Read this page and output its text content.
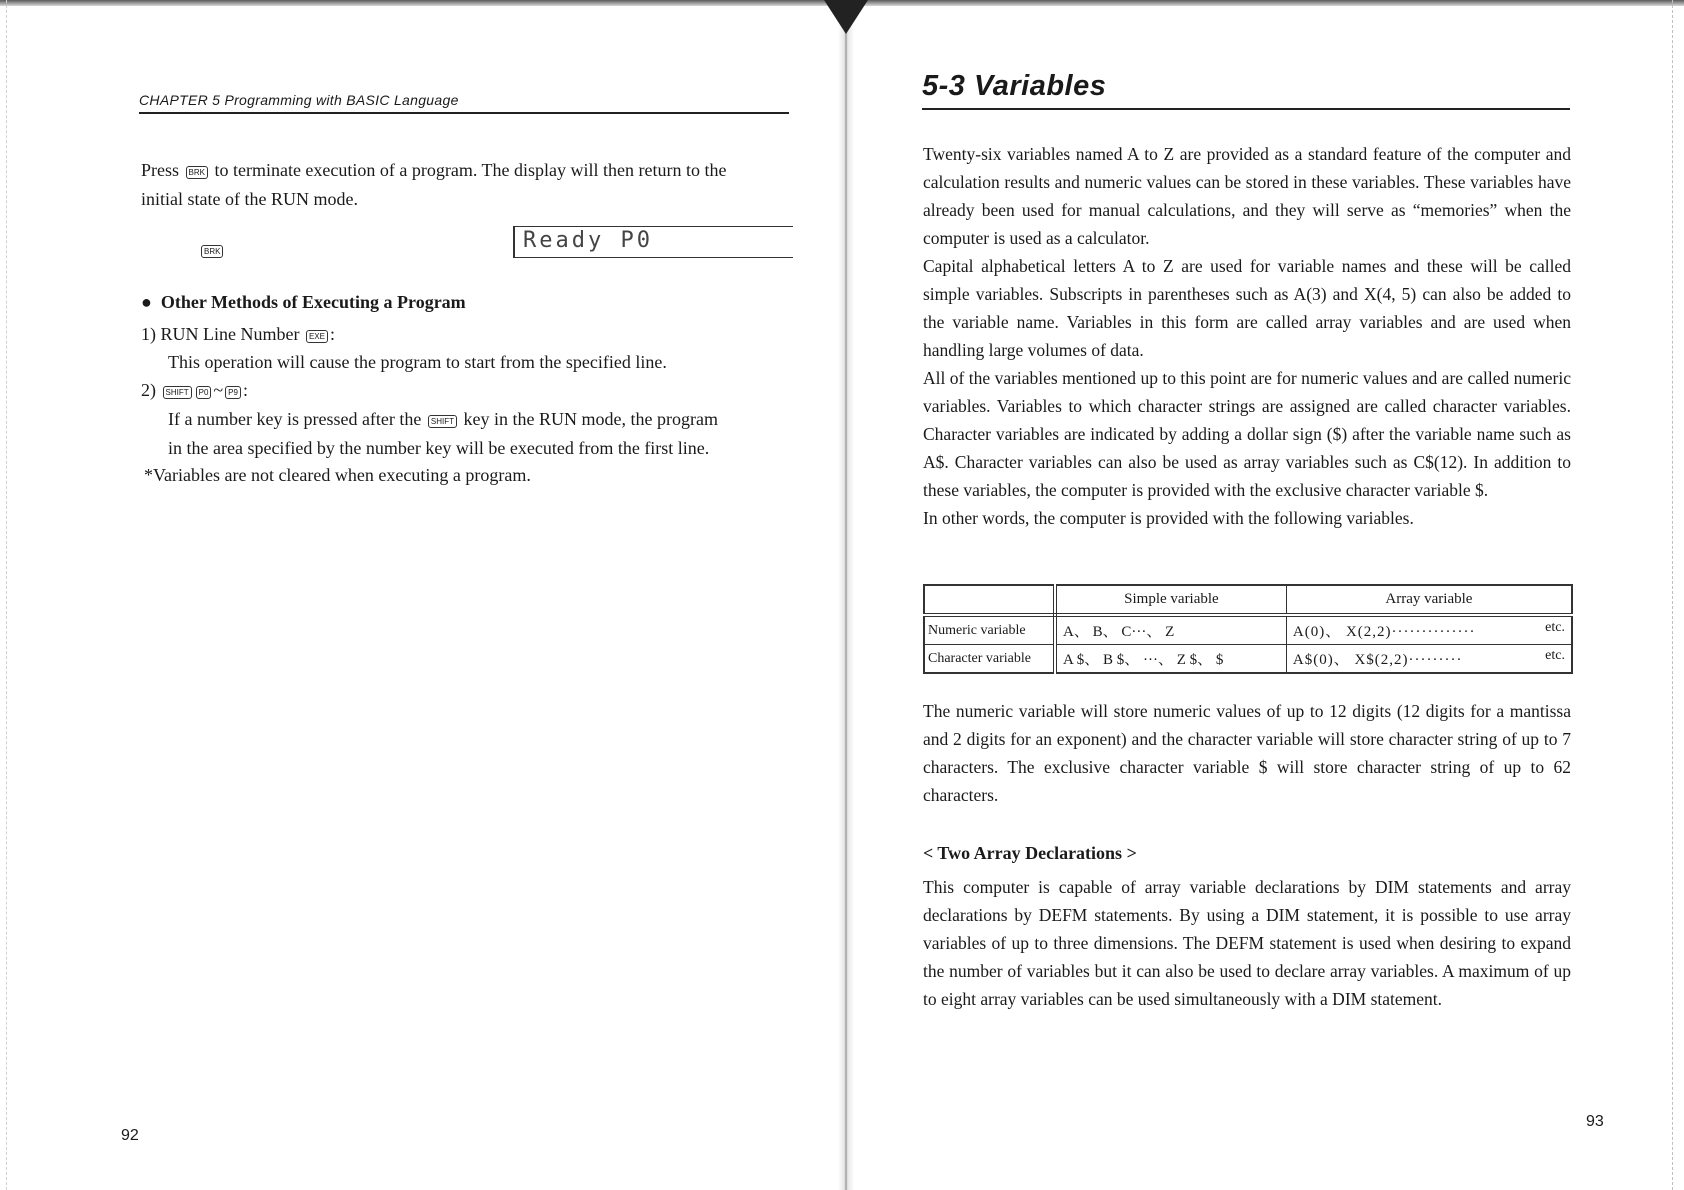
CHAPTER 5 Programming with BASIC Language
Press BRK to terminate execution of a program. The display will then return to the
initial state of the RUN mode.
BRK	Ready P0
● Other Methods of Executing a Program
1) RUN Line Number EXE :
This operation will cause the program to start from the specified line.
2) SHIFT P0 ~ P9 :
If a number key is pressed after the SHIFT key in the RUN mode, the program
in the area specified by the number key will be executed from the first line.
*Variables are not cleared when executing a program.
92
5-3 Variables

Twenty-six variables named A to Z are provided as a standard feature of the computer and calculation results and numeric values can be stored in these variables. These variables have already been used for manual calculations, and they will serve as “memories” when the computer is used as a calculator.

Capital alphabetical letters A to Z are used for variable names and these will be called simple variables. Subscripts in parentheses such as A(3) and X(4, 5) can also be added to the variable name. Variables in this form are called array variables and are used when handling large volumes of data.

All of the variables mentioned up to this point are for numeric values and are called numeric variables. Variables to which character strings are assigned are called character variables. Character variables are indicated by adding a dollar sign ($) after the variable name such as A$. Character variables can also be used as array variables such as C$(12). In addition to these variables, the computer is provided with the exclusive character variable $.

In other words, the computer is provided with the following variables.

	Simple variable	Array variable
Numeric variable	A、 B、 C···、 Z	A(0)、 X(2,2)·············· etc.

Character variable	A $、 B $、 ···、 Z $、 $	A$(0)、 X$(2,2)········· etc.
The numeric variable will store numeric values of up to 12 digits (12 digits for a mantissa and 2 digits for an exponent) and the character variable will store character string of up to 7 characters. The exclusive character variable $ will store character string of up to 62 characters.
< Two Array Declarations >
This computer is capable of array variable declarations by DIM statements and array declarations by DEFM statements. By using a DIM statement, it is possible to use array variables of up to three dimensions. The DEFM statement is used when desiring to expand the number of variables but it can also be used to declare array variables. A maximum of up to eight array variables can be used simultaneously with a DIM statement.
93
